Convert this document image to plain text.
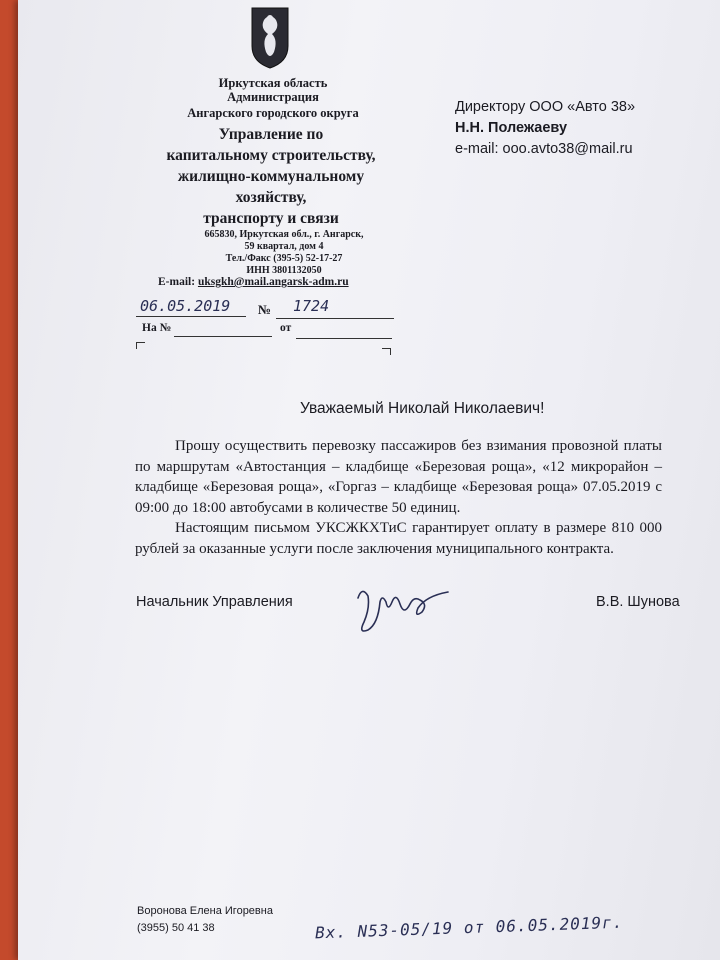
Иркутская область
Администрация
Ангарского городского округа
Управление по
капитальному строительству,
жилищно-коммунальному
хозяйству,
транспорту и связи
665830, Иркутская обл., г. Ангарск,
59 квартал, дом 4
Тел./Факс (395-5) 52-17-27
ИНН 3801132050
E-mail: uksgkh@mail.angarsk-adm.ru
06.05.2019 № 1724
На №	от
Директору ООО «Авто 38»
Н.Н. Полежаеву
e-mail: ooo.avto38@mail.ru
Уважаемый Николай Николаевич!

Прошу осуществить перевозку пассажиров без взимания провозной платы по маршрутам «Автостанция – кладбище «Березовая роща», «12 микрорайон – кладбище «Березовая роща», «Горгаз – кладбище «Березовая роща» 07.05.2019 с 09:00 до 18:00 автобусами в количестве 50 единиц.

Настоящим письмом УКСЖКХТиС гарантирует оплату в размере 810 000 рублей за оказанные услуги после заключения муниципального контракта.

Начальник Управления	В.В. Шунова
Воронова Елена Игоревна
(3955) 50 41 38	Вх. N53-05/19 от 06.05.2019г.
